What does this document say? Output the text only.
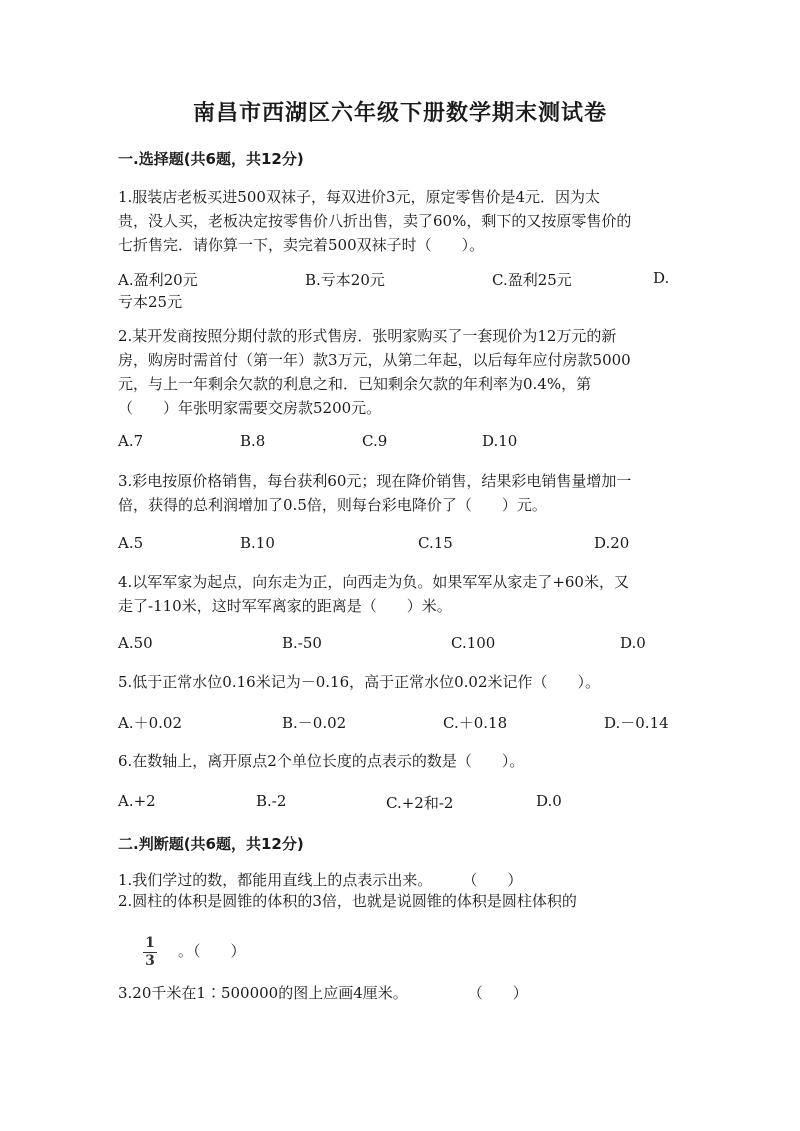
南昌市西湖区六年级下册数学期末测试卷
一.选择题(共6题，共12分)
1.服装店老板买进500双袜子，每双进价3元，原定零售价是4元．因为太
贵，没人买，老板决定按零售价八折出售，卖了60%，剩下的又按原零售价的
七折售完．请你算一下，卖完着500双袜子时（　　）。
A.盈利20元	B.亏本20元	C.盈利25元	D.
亏本25元
2.某开发商按照分期付款的形式售房．张明家购买了一套现价为12万元的新
房，购房时需首付（第一年）款3万元，从第二年起，以后每年应付房款5000
元，与上一年剩余欠款的利息之和．已知剩余欠款的年利率为0.4%，第
（　　）年张明家需要交房款5200元。
A.7	B.8	C.9	D.10
3.彩电按原价格销售，每台获利60元；现在降价销售，结果彩电销售量增加一
倍，获得的总利润增加了0.5倍，则每台彩电降价了（　　）元。
A.5	B.10	C.15	D.20
4.以军军家为起点，向东走为正，向西走为负。如果军军从家走了+60米，又
走了-110米，这时军军离家的距离是（　　）米。
A.50	B.-50	C.100	D.0
5.低于正常水位0.16米记为－0.16，高于正常水位0.02米记作（　　）。
A.＋0.02	B.－0.02	C.＋0.18	D.－0.14
6.在数轴上，离开原点2个单位长度的点表示的数是（　　）。
A.+2	B.-2	C.+2和-2	D.0
二.判断题(共6题，共12分)
1.我们学过的数，都能用直线上的点表示出来。　　　（　　）
2.圆柱的体积是圆锥的体积的3倍，也就是说圆锥的体积是圆柱体积的
1
3
。（　　）
3.20千米在1∶500000的图上应画4厘米。　　　　　（　　）
